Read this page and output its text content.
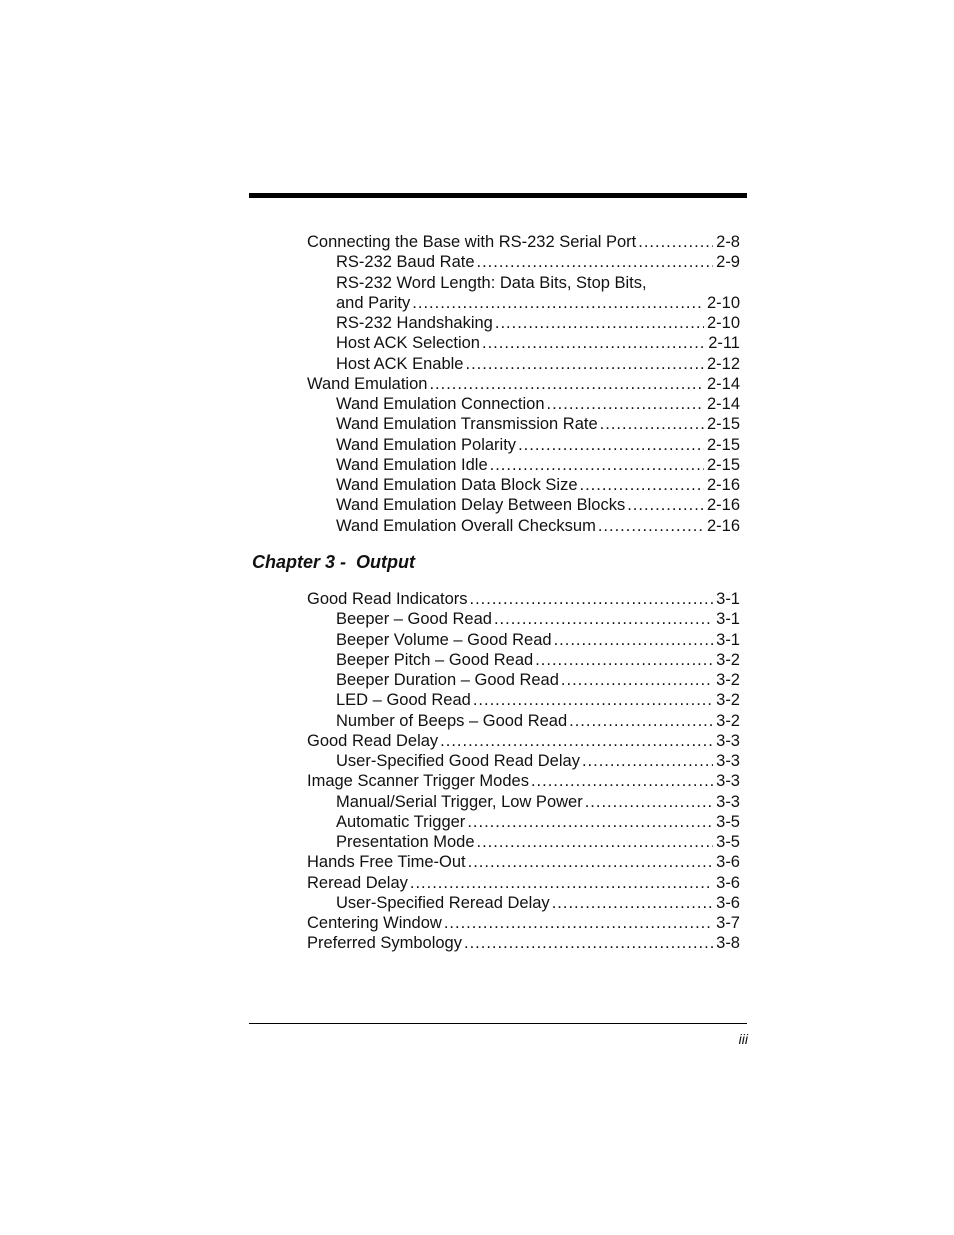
Connecting the Base with RS-232 Serial Port .....	2-8
RS-232 Baud Rate .....	2-9
RS-232 Word Length: Data Bits, Stop Bits,
and Parity .....	2-10
RS-232 Handshaking .....	2-10
Host ACK Selection .....	2-11
Host ACK Enable .....	2-12
Wand Emulation .....	2-14
Wand Emulation Connection .....	2-14
Wand Emulation Transmission Rate .....	2-15
Wand Emulation Polarity .....	2-15
Wand Emulation Idle .....	2-15
Wand Emulation Data Block Size .....	2-16
Wand Emulation Delay Between Blocks .....	2-16
Wand Emulation Overall Checksum .....	2-16
Chapter 3 -  Output
Good Read Indicators .....	3-1
Beeper – Good Read .....	3-1
Beeper Volume – Good Read .....	3-1
Beeper Pitch – Good Read .....	3-2
Beeper Duration – Good Read .....	3-2
LED – Good Read .....	3-2
Number of Beeps – Good Read .....	3-2
Good Read Delay .....	3-3
User-Specified Good Read Delay .....	3-3
Image Scanner Trigger Modes .....	3-3
Manual/Serial Trigger, Low Power .....	3-3
Automatic Trigger .....	3-5
Presentation Mode .....	3-5
Hands Free Time-Out .....	3-6
Reread Delay .....	3-6
User-Specified Reread Delay .....	3-6
Centering Window .....	3-7
Preferred Symbology .....	3-8
iii
